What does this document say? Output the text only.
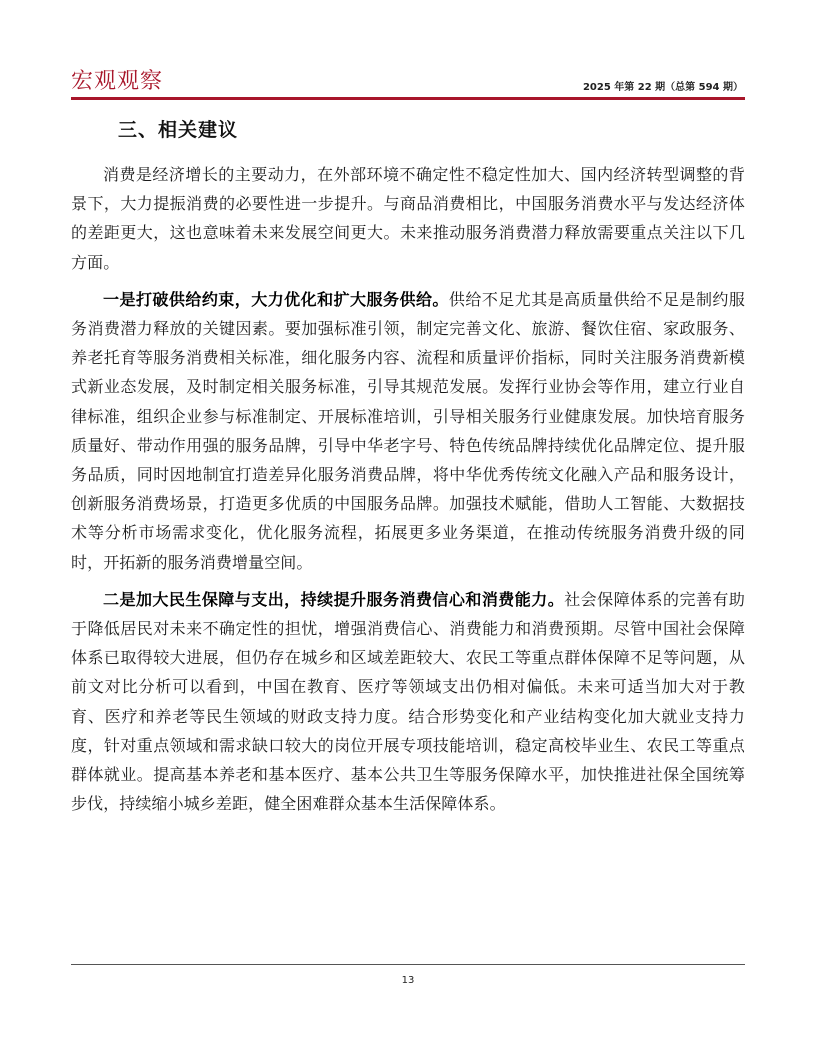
宏观观察	2025 年第 22 期（总第 594 期）
三、相关建议

消费是经济增长的主要动力，在外部环境不确定性不稳定性加大、国内经济转型调整的背景下，大力提振消费的必要性进一步提升。与商品消费相比，中国服务消费水平与发达经济体的差距更大，这也意味着未来发展空间更大。未来推动服务消费潜力释放需要重点关注以下几方面。

一是打破供给约束，大力优化和扩大服务供给。供给不足尤其是高质量供给不足是制约服务消费潜力释放的关键因素。要加强标准引领，制定完善文化、旅游、餐饮住宿、家政服务、养老托育等服务消费相关标准，细化服务内容、流程和质量评价指标，同时关注服务消费新模式新业态发展，及时制定相关服务标准，引导其规范发展。发挥行业协会等作用，建立行业自律标准，组织企业参与标准制定、开展标准培训，引导相关服务行业健康发展。加快培育服务质量好、带动作用强的服务品牌，引导中华老字号、特色传统品牌持续优化品牌定位、提升服务品质，同时因地制宜打造差异化服务消费品牌，将中华优秀传统文化融入产品和服务设计，创新服务消费场景，打造更多优质的中国服务品牌。加强技术赋能，借助人工智能、大数据技术等分析市场需求变化，优化服务流程，拓展更多业务渠道，在推动传统服务消费升级的同时，开拓新的服务消费增量空间。

二是加大民生保障与支出，持续提升服务消费信心和消费能力。社会保障体系的完善有助于降低居民对未来不确定性的担忧，增强消费信心、消费能力和消费预期。尽管中国社会保障体系已取得较大进展，但仍存在城乡和区域差距较大、农民工等重点群体保障不足等问题，从前文对比分析可以看到，中国在教育、医疗等领域支出仍相对偏低。未来可适当加大对于教育、医疗和养老等民生领域的财政支持力度。结合形势变化和产业结构变化加大就业支持力度，针对重点领域和需求缺口较大的岗位开展专项技能培训，稳定高校毕业生、农民工等重点群体就业。提高基本养老和基本医疗、基本公共卫生等服务保障水平，加快推进社保全国统筹步伐，持续缩小城乡差距，健全困难群众基本生活保障体系。

13
